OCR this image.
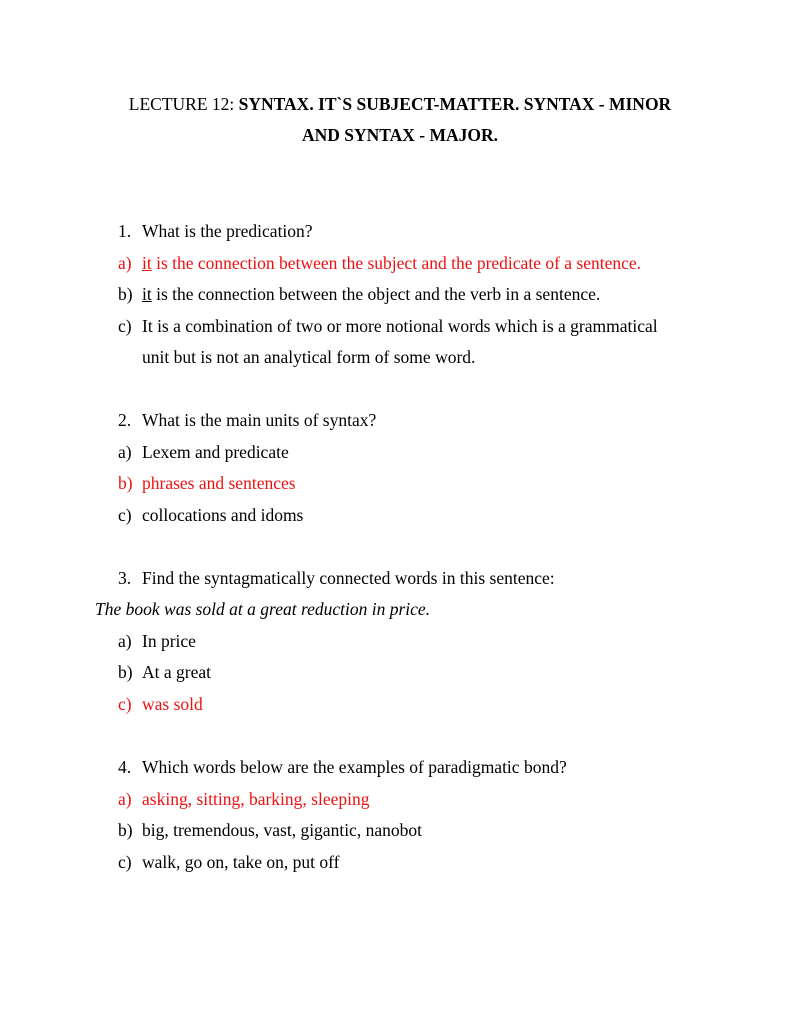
LECTURE 12: SYNTAX. IT`S SUBJECT-MATTER. SYNTAX - MINOR
AND SYNTAX - MAJOR.
1. What is the predication?
a) it is the connection between the subject and the predicate of a sentence.
b) it is the connection between the object and the verb in a sentence.
c) It is a combination of two or more notional words which is a grammatical
unit but is not an analytical form of some word.
2. What is the main units of syntax?
a) Lexem and predicate
b) phrases and sentences
c) collocations and idoms
3. Find the syntagmatically connected words in this sentence:
The book was sold at a great reduction in price.
a) In price
b) At a great
c) was sold
4. Which words below are the examples of paradigmatic bond?
a) asking, sitting, barking, sleeping
b) big, tremendous, vast, gigantic, nanobot
c) walk, go on, take on, put off
